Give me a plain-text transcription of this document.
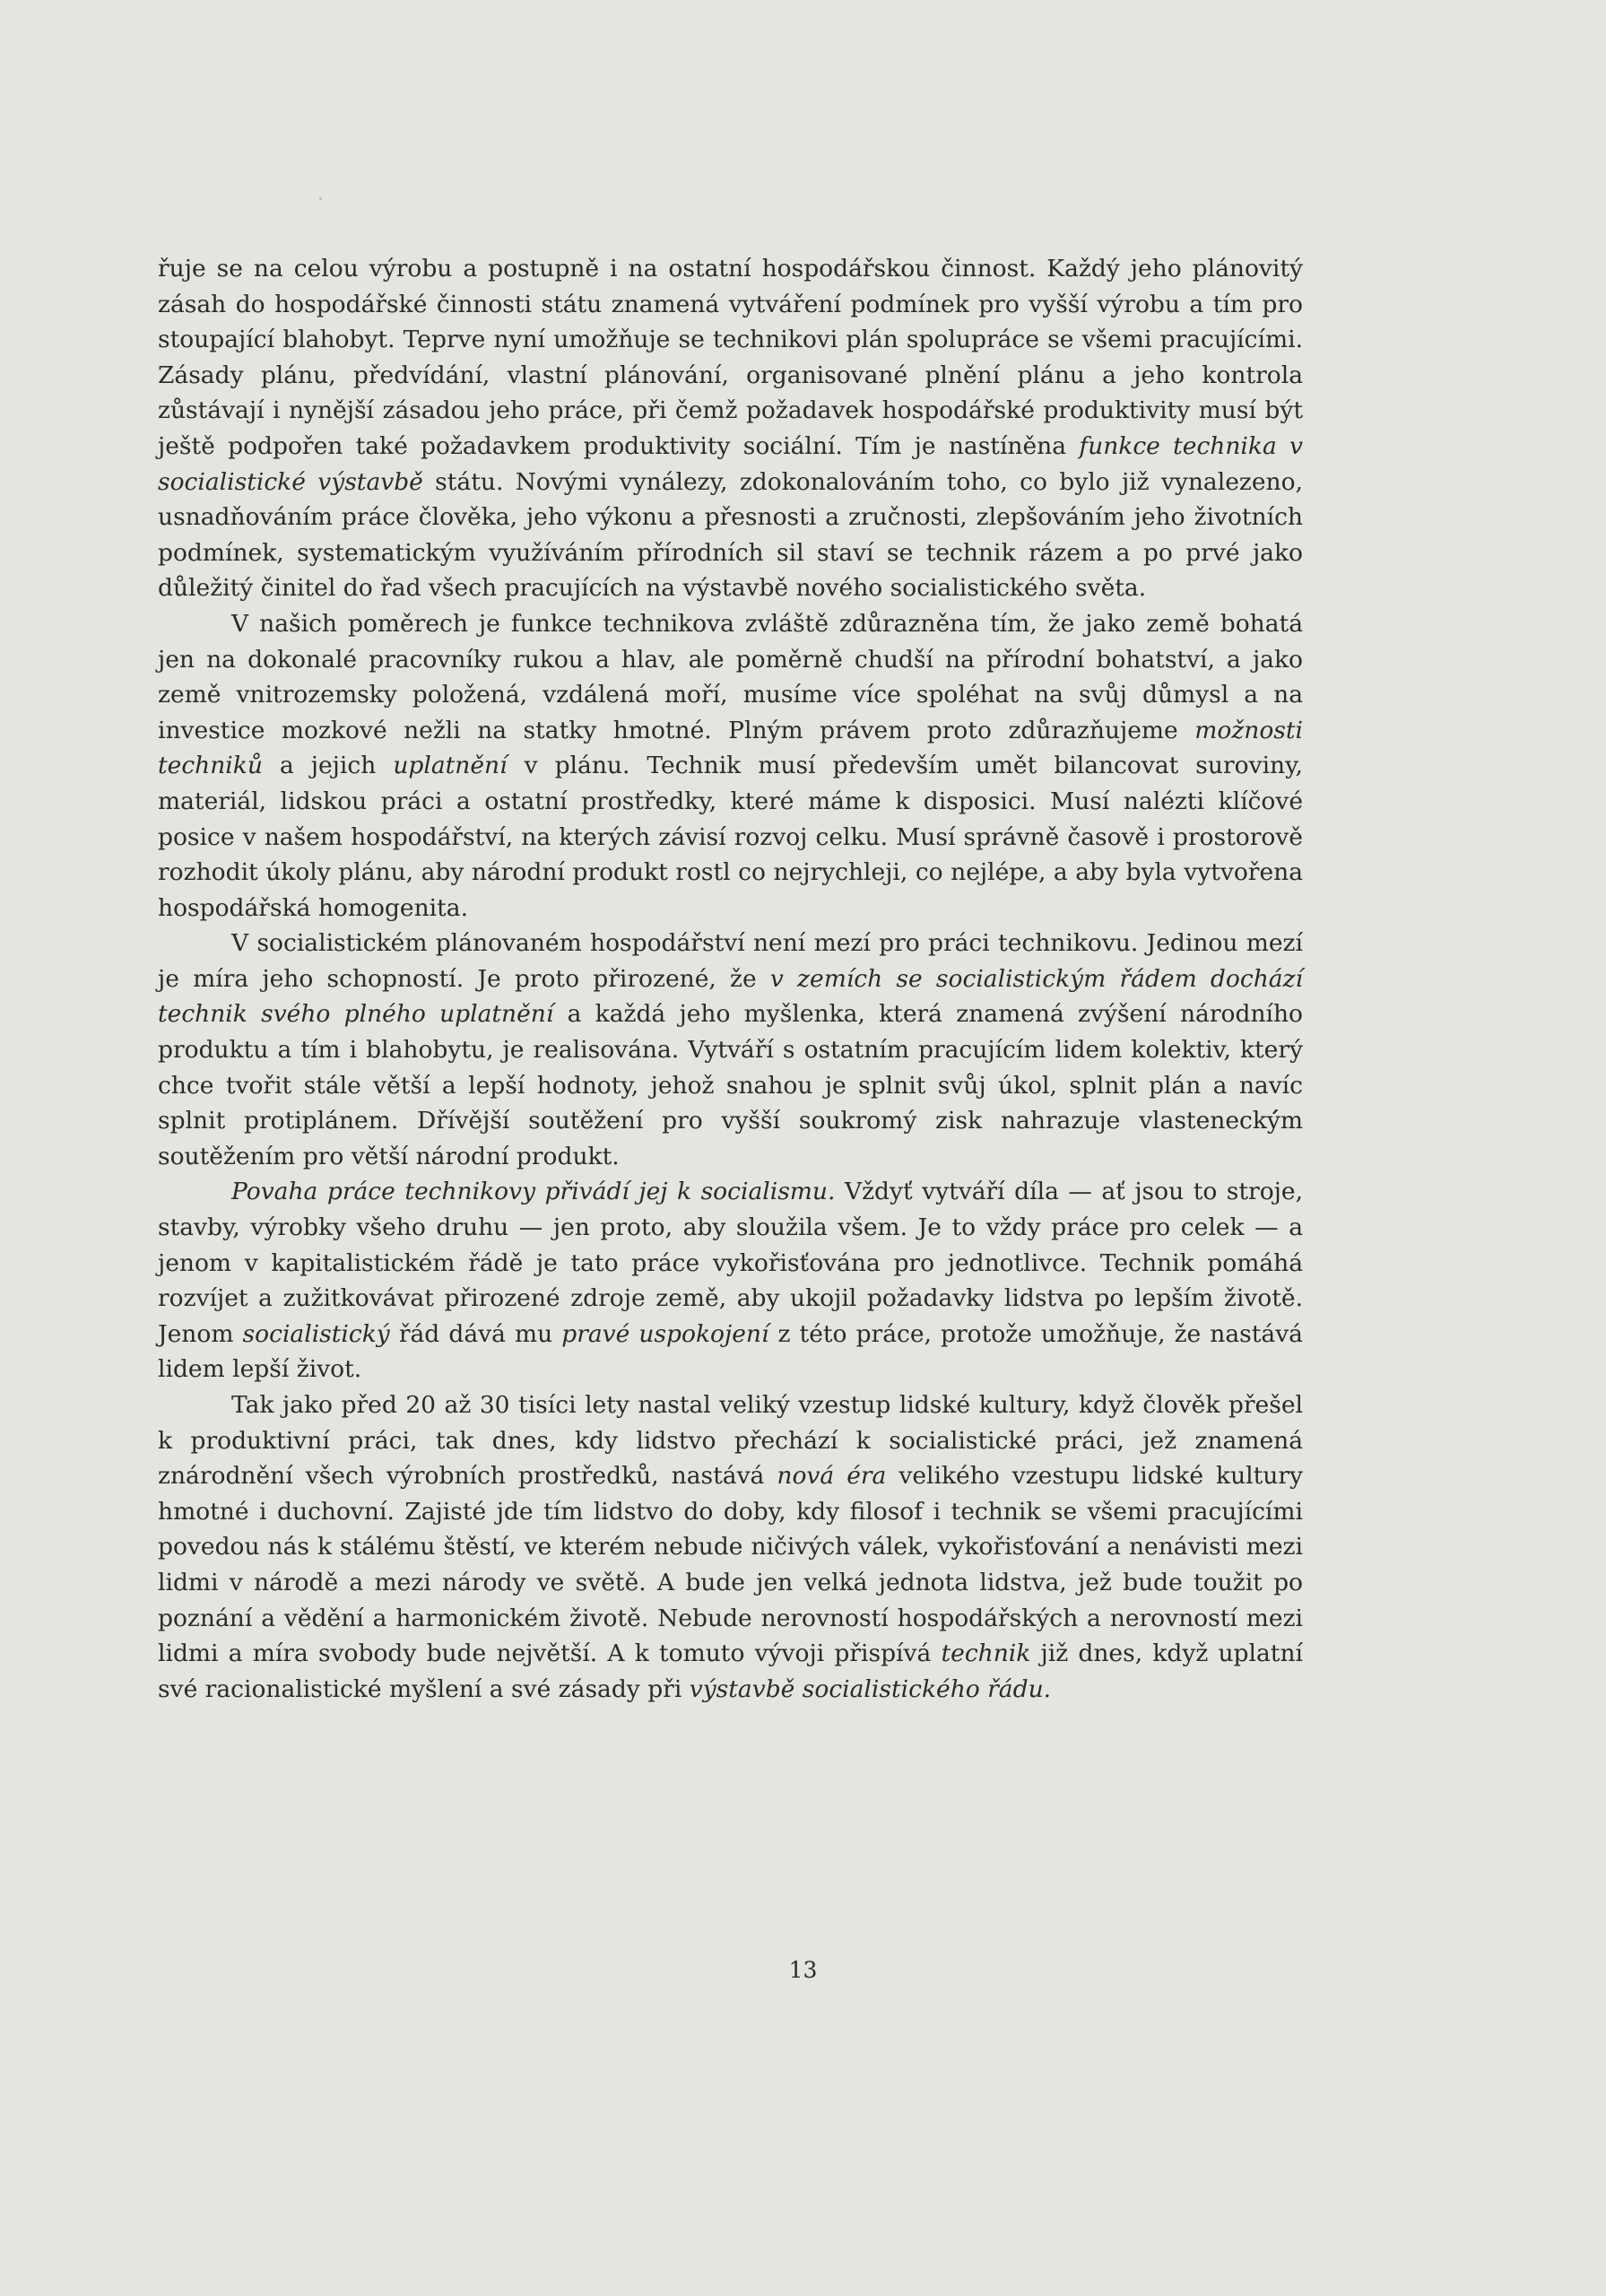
řuje se na celou výrobu a postupně i na ostatní hospodářskou činnost. Každý jeho plánovitý zásah do hospodářské činnosti státu znamená vytváření podmínek pro vyšší výrobu a tím pro stoupající blahobyt. Teprve nyní umožňuje se technikovi plán spolupráce se všemi pracujícími. Zásady plánu, předvídání, vlastní plánování, organisované plnění plánu a jeho kontrola zůstávají i nynější zásadou jeho práce, při čemž požadavek hospodářské produktivity musí být ještě podpořen také požadavkem produktivity sociální. Tím je nastíněna funkce technika v socialistické výstavbě státu. Novými vynálezy, zdokonalováním toho, co bylo již vynalezeno, usnadňováním práce člověka, jeho výkonu a přesnosti a zručnosti, zlepšováním jeho životních podmínek, systematickým využíváním přírodních sil staví se technik rázem a po prvé jako důležitý činitel do řad všech pracujících na výstavbě nového socialistického světa.

V našich poměrech je funkce technikova zvláště zdůrazněna tím, že jako země bohatá jen na dokonalé pracovníky rukou a hlav, ale poměrně chudší na přírodní bohatství, a jako země vnitrozemsky položená, vzdálená moří, musíme více spoléhat na svůj důmysl a na investice mozkové nežli na statky hmotné. Plným právem proto zdůrazňujeme možnosti techniků a jejich uplatnění v plánu. Technik musí především umět bilancovat suroviny, materiál, lidskou práci a ostatní prostředky, které máme k disposici. Musí nalézti klíčové posice v našem hospodářství, na kterých závisí rozvoj celku. Musí správně časově i prostorově rozhodit úkoly plánu, aby národní produkt rostl co nejrychleji, co nejlépe, a aby byla vytvořena hospodářská homogenita.

V socialistickém plánovaném hospodářství není mezí pro práci technikovu. Jedinou mezí je míra jeho schopností. Je proto přirozené, že v zemích se socialistickým řádem dochází technik svého plného uplatnění a každá jeho myšlenka, která znamená zvýšení národního produktu a tím i blahobytu, je realisována. Vytváří s ostatním pracujícím lidem kolektiv, který chce tvořit stále větší a lepší hodnoty, jehož snahou je splnit svůj úkol, splnit plán a navíc splnit protiplánem. Dřívější soutěžení pro vyšší soukromý zisk nahrazuje vlastenecký́m soutěžením pro větší národní produkt.

Povaha práce technikovy přivádí jej k socialismu. Vždyť vytváří díla — ať jsou to stroje, stavby, výrobky všeho druhu — jen proto, aby sloužila všem. Je to vždy práce pro celek — a jenom v kapitalistickém řádě je tato práce vykořisťována pro jednotlivce. Technik pomáhá rozvíjet a zužitkovávat přirozené zdroje země, aby ukojil požadavky lidstva po lepším životě. Jenom socialistický řád dává mu pravé uspokojení z této práce, protože umožňuje, že nastává lidem lepší život.

Tak jako před 20 až 30 tisíci lety nastal veliký vzestup lidské kultury, když člověk přešel k produktivní práci, tak dnes, kdy lidstvo přechází k socialistické práci, jež znamená znárodnění všech výrobních prostředků, nastává nová éra velikého vzestupu lidské kultury hmotné i duchovní. Zajisté jde tím lidstvo do doby, kdy filosof i technik se všemi pracujícími povedou nás k stálému štěstí, ve kterém nebude ničivých válek, vykořisťování a nenávisti mezi lidmi v národě a mezi národy ve světě. A bude jen velká jednota lidstva, jež bude toužit po poznání a vědění a harmonickém životě. Nebude nerovností hospodářských a nerovností mezi lidmi a míra svobody bude největší. A k tomuto vývoji přispívá technik již dnes, když uplatní své racionalistické myšlení a své zásady při výstavbě socialistického řádu.

13
